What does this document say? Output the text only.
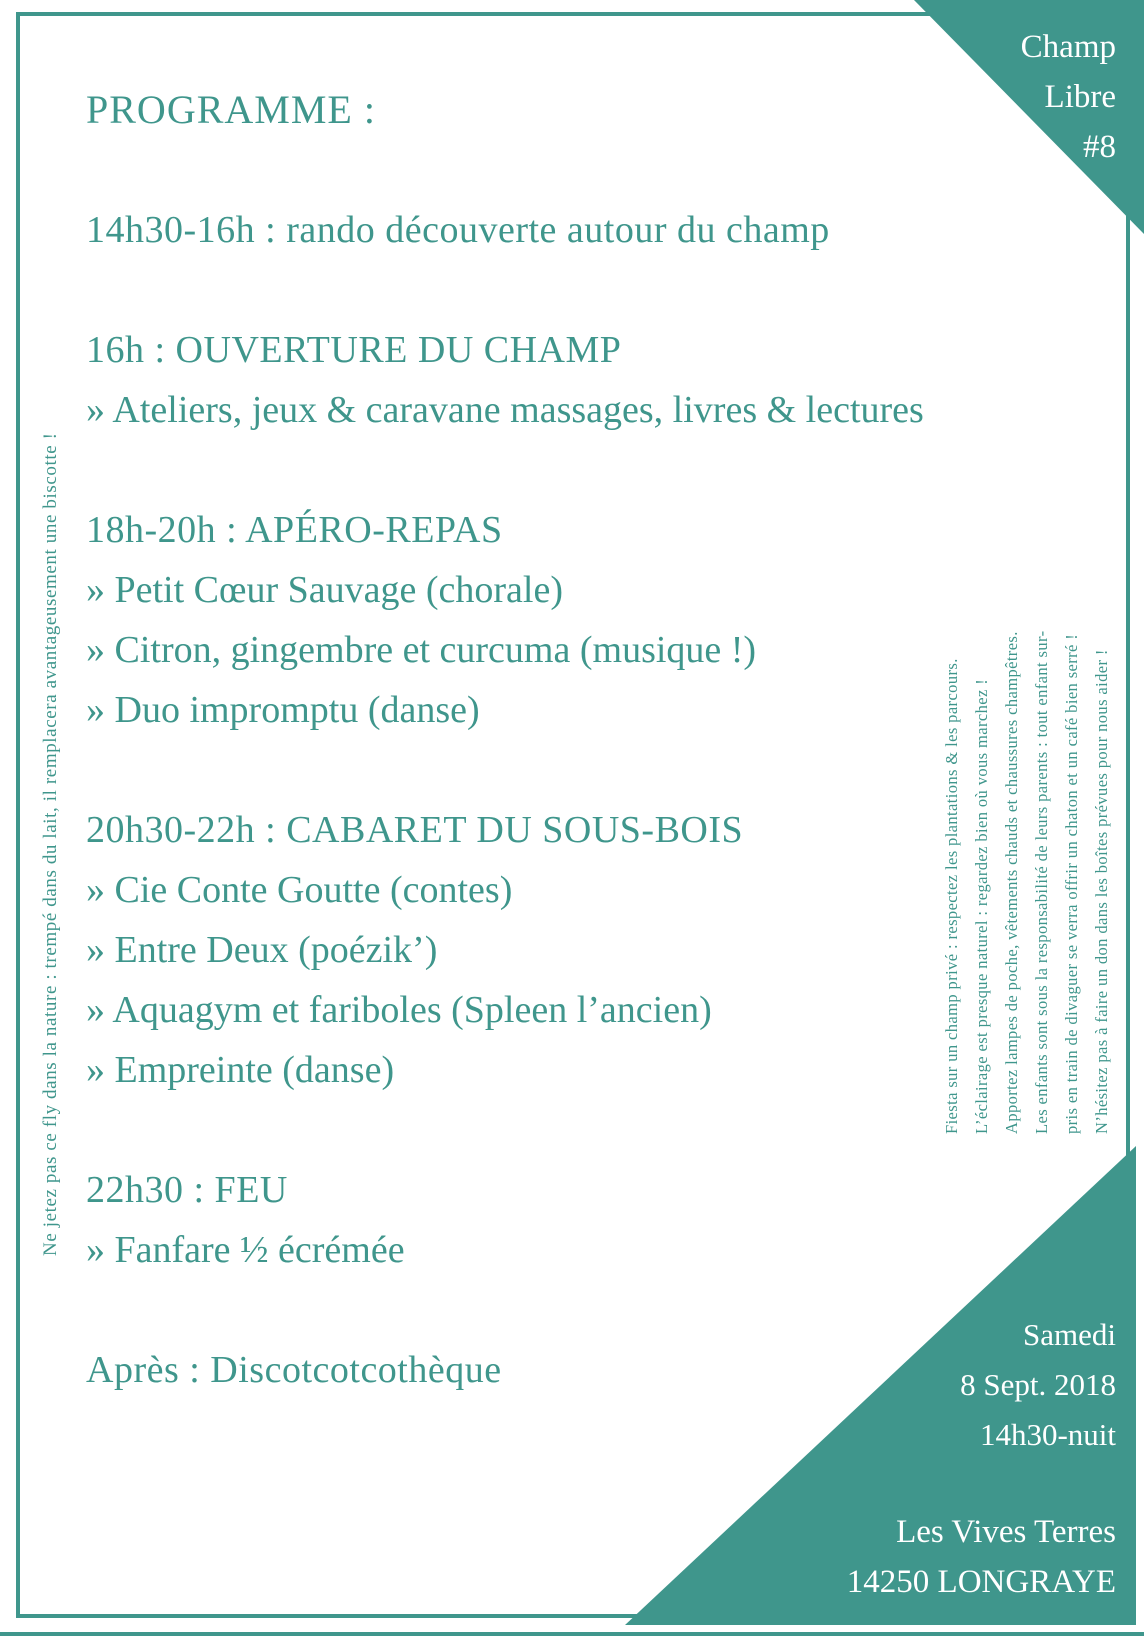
Champ
Libre
#8
PROGRAMME :
14h30-16h : rando découverte autour du champ
16h : OUVERTURE DU CHAMP
» Ateliers, jeux & caravane massages, livres & lectures
18h-20h : APÉRO-REPAS
» Petit Cœur Sauvage (chorale)
» Citron, gingembre et curcuma (musique !)
» Duo impromptu (danse)
20h30-22h : CABARET DU SOUS-BOIS
» Cie Conte Goutte (contes)
» Entre Deux (poézik’)
» Aquagym et fariboles (Spleen l’ancien)
» Empreinte (danse)
22h30 : FEU
» Fanfare ½ écrémée
Après : Discotcotcothèque
Ne jetez pas ce fly dans la nature : trempé dans du lait, il remplacera avantageusement une biscotte !	Fiesta sur un champ privé : respectez les plantations & les parcours. L’éclairage est presque naturel : regardez bien où vous marchez ! Apportez lampes de poche, vêtements chauds et chaussures champêtres. Les enfants sont sous la responsabilité de leurs parents : tout enfant sur- pris en train de divaguer se verra offrir un chaton et un café bien serré ! N’hésitez pas à faire un don dans les boîtes prévues pour nous aider !
Samedi
8 Sept. 2018
14h30-nuit
Les Vives Terres
14250 LONGRAYE
